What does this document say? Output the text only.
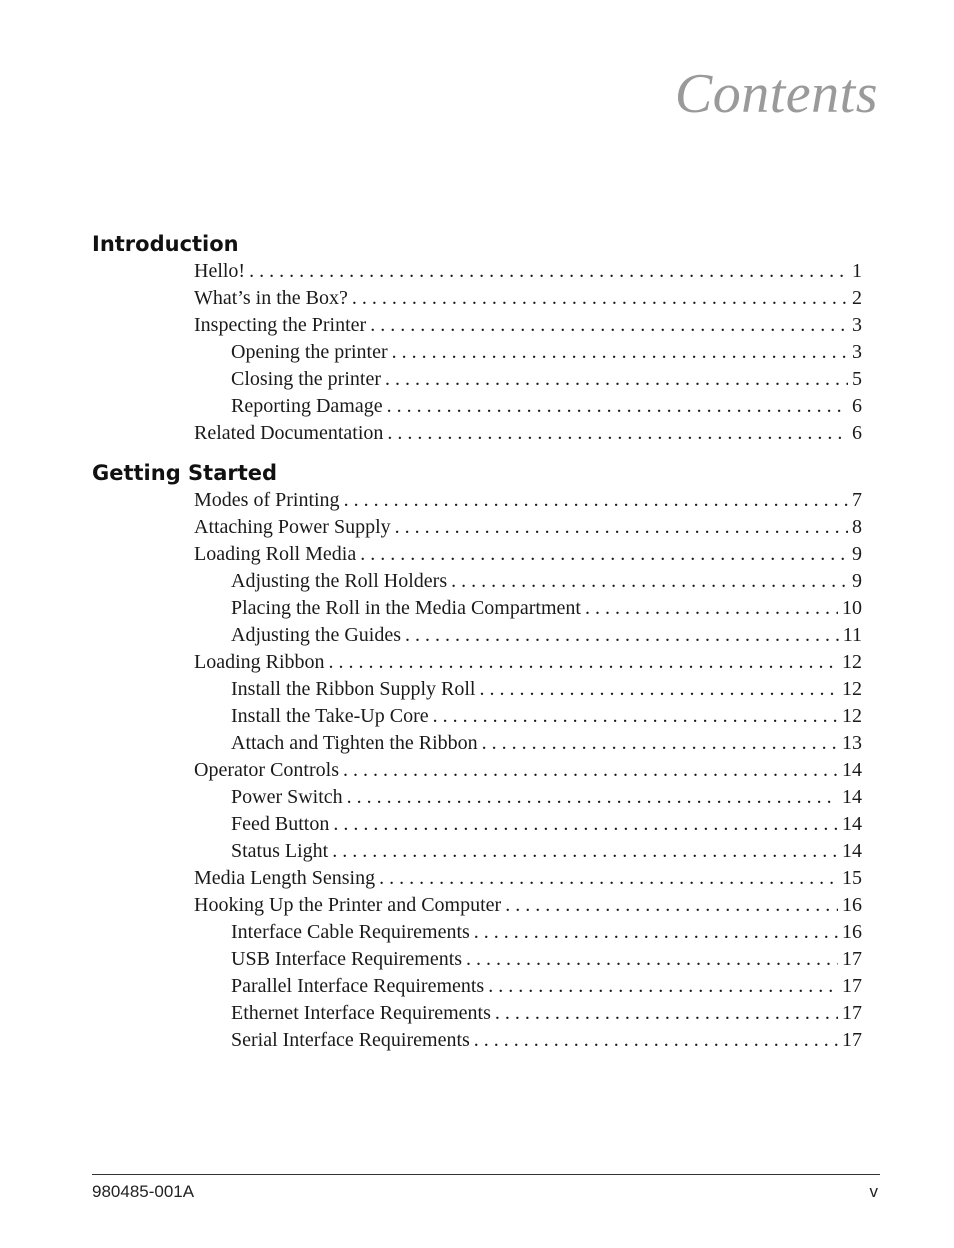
Contents
Introduction
Hello! . . .	1
What’s in the Box? . . .	2
Inspecting the Printer . . .	3
Opening the printer . . .	3
Closing the printer . . .	5
Reporting Damage . . .	6
Related Documentation . . .	6
Getting Started
Modes of Printing . . .	7
Attaching Power Supply . . .	8
Loading Roll Media . . .	9
Adjusting the Roll Holders . . .	9
Placing the Roll in the Media Compartment . . .	10
Adjusting the Guides . . .	11
Loading Ribbon . . .	12
Install the Ribbon Supply Roll . . .	12
Install the Take-Up Core . . .	12
Attach and Tighten the Ribbon . . .	13
Operator Controls . . .	14
Power Switch . . .	14
Feed Button . . .	14
Status Light . . .	14
Media Length Sensing . . .	15
Hooking Up the Printer and Computer . . .	16
Interface Cable Requirements . . .	16
USB Interface Requirements . . .	17
Parallel Interface Requirements . . .	17
Ethernet Interface Requirements . . .	17
Serial Interface Requirements . . .	17
980485-001A	v
